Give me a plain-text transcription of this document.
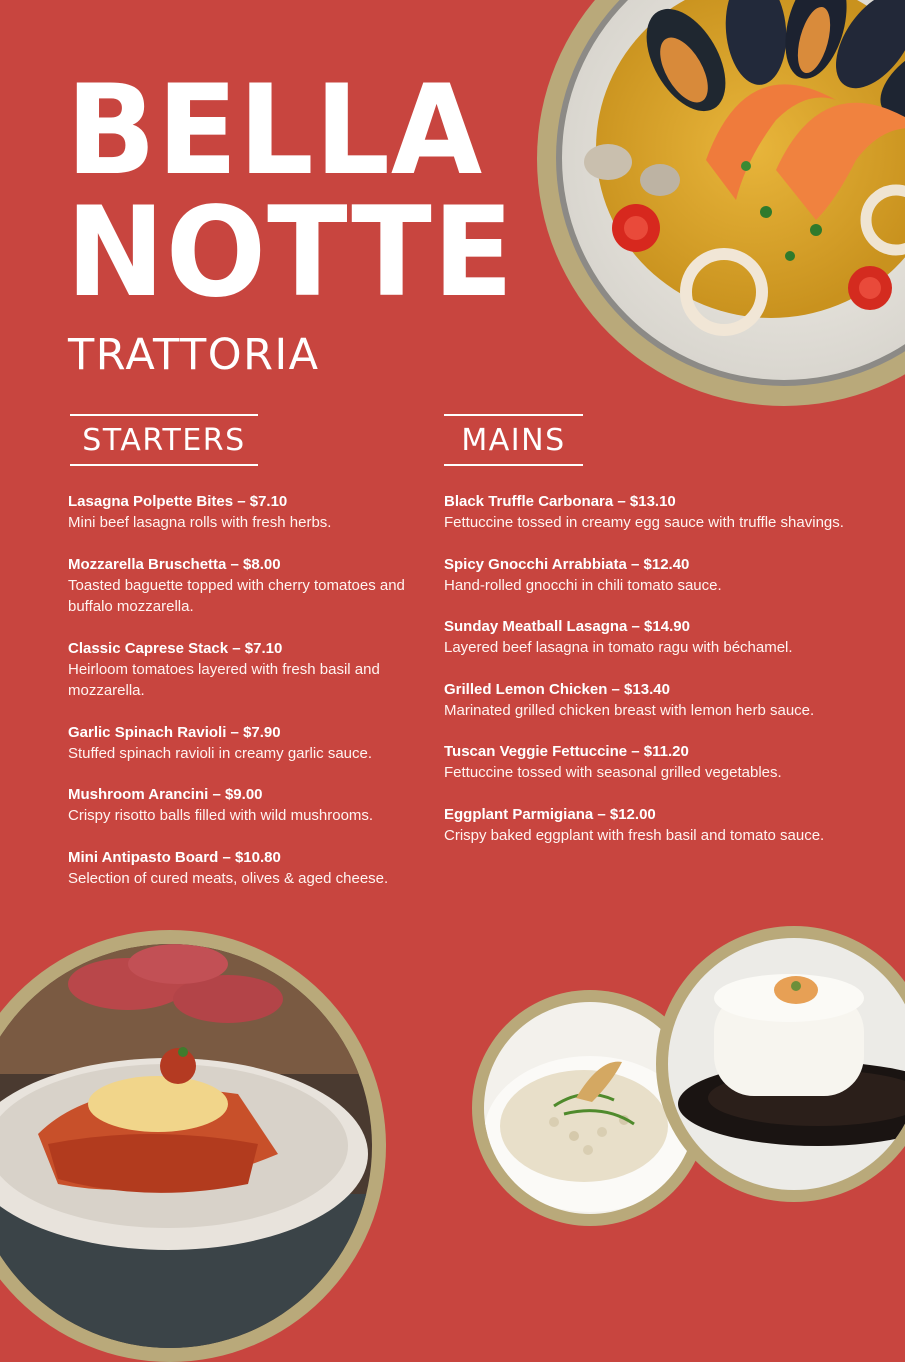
BELLA
NOTTE
TRATTORIA
STARTERS	MAINS
Lasagna Polpette Bites – $7.10
Mini beef lasagna rolls with fresh herbs.
Mozzarella Bruschetta – $8.00
Toasted baguette topped with cherry tomatoes and buffalo mozzarella.
Classic Caprese Stack – $7.10
Heirloom tomatoes layered with fresh basil and mozzarella.
Garlic Spinach Ravioli – $7.90
Stuffed spinach ravioli in creamy garlic sauce.
Mushroom Arancini – $9.00
Crispy risotto balls filled with wild mushrooms.
Mini Antipasto Board – $10.80
Selection of cured meats, olives & aged cheese.
Black Truffle Carbonara – $13.10
Fettuccine tossed in creamy egg sauce with truffle shavings.
Spicy Gnocchi Arrabbiata – $12.40
Hand-rolled gnocchi in chili tomato sauce.
Sunday Meatball Lasagna – $14.90
Layered beef lasagna in tomato ragu with béchamel.
Grilled Lemon Chicken – $13.40
Marinated grilled chicken breast with lemon herb sauce.
Tuscan Veggie Fettuccine – $11.20
Fettuccine tossed with seasonal grilled vegetables.
Eggplant Parmigiana – $12.00
Crispy baked eggplant with fresh basil and tomato sauce.
